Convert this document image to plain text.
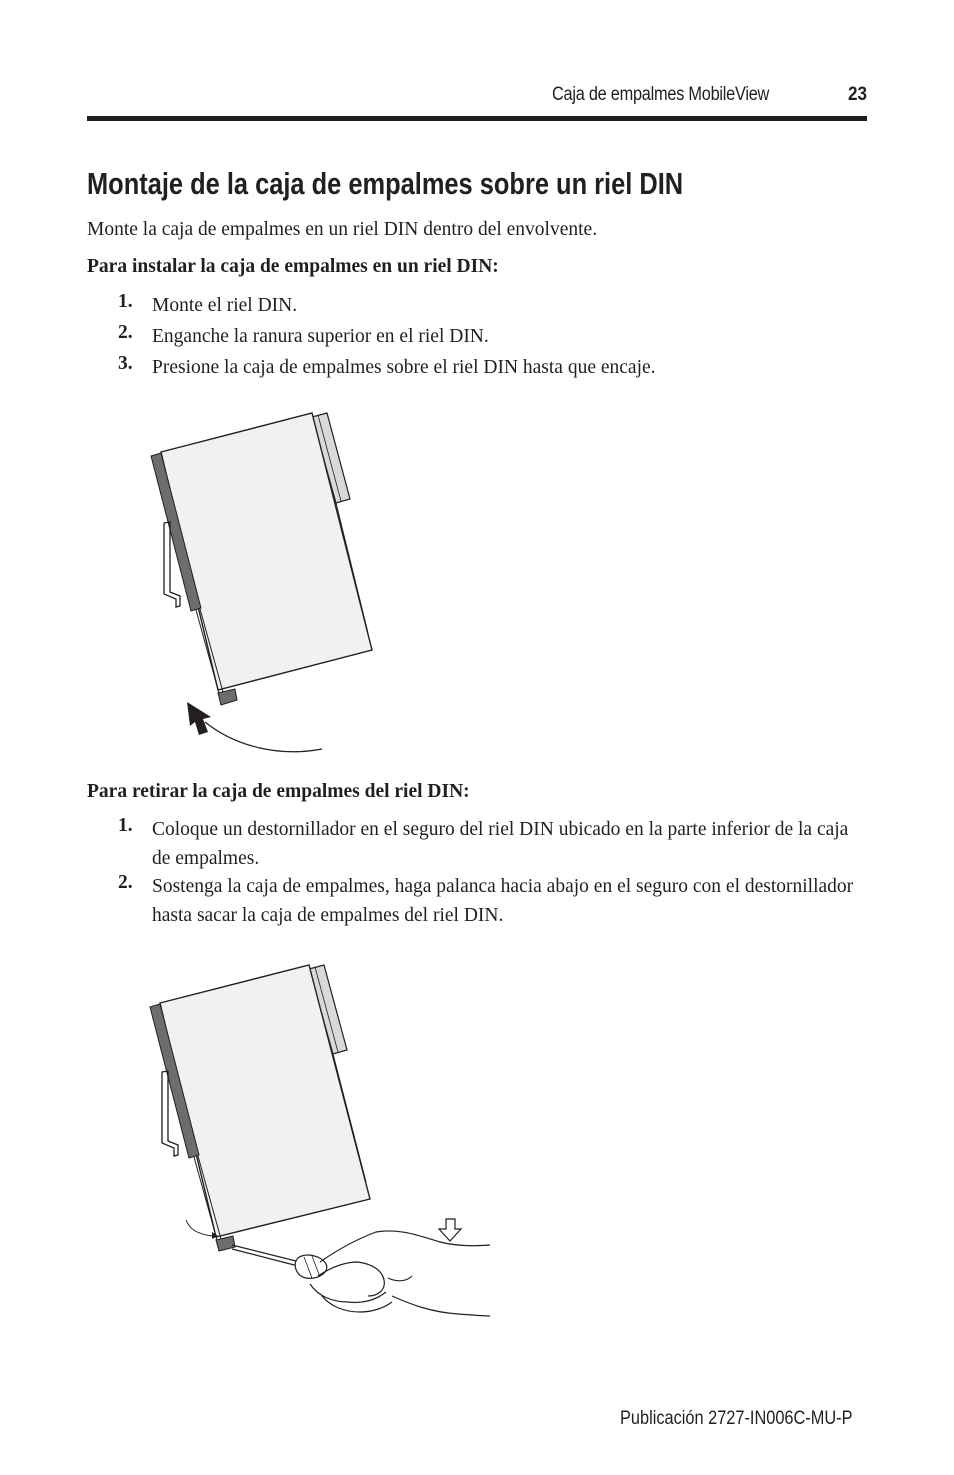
Caja de empalmes MobileView	23
Montaje de la caja de empalmes sobre un riel DIN
Monte la caja de empalmes en un riel DIN dentro del envolvente.
Para instalar la caja de empalmes en un riel DIN:
1. Monte el riel DIN.
2. Enganche la ranura superior en el riel DIN.
3. Presione la caja de empalmes sobre el riel DIN hasta que encaje.
Para retirar la caja de empalmes del riel DIN:
1. Coloque un destornillador en el seguro del riel DIN ubicado en la parte inferior de la caja de empalmes.
2. Sostenga la caja de empalmes, haga palanca hacia abajo en el seguro con el destornillador hasta sacar la caja de empalmes del riel DIN.
Publicación 2727-IN006C-MU-P
